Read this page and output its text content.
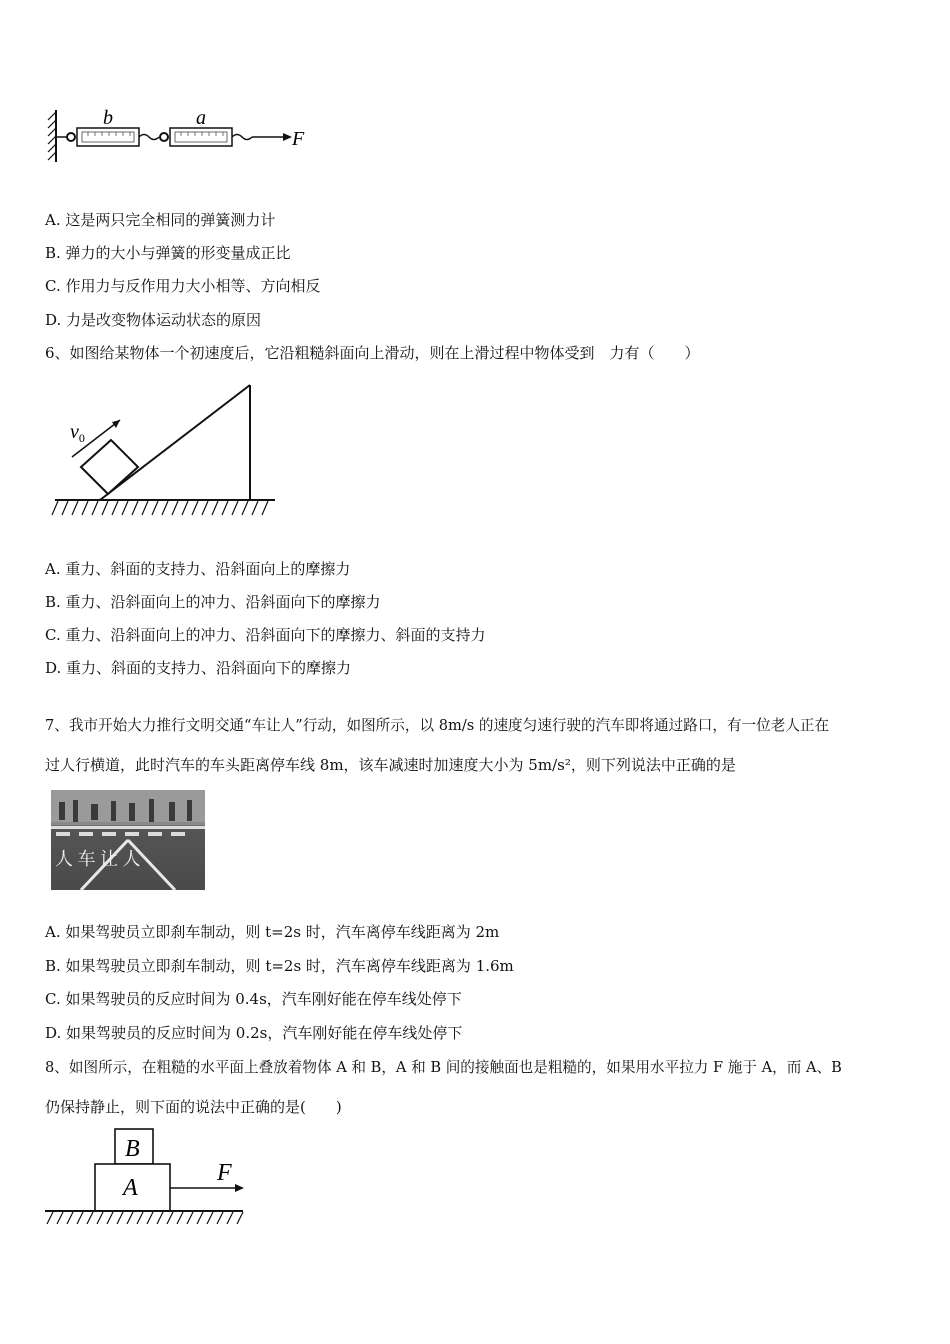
b	a
F
A. 这是两只完全相同的弹簧测力计
B. 弹力的大小与弹簧的形变量成正比
C. 作用力与反作用力大小相等、方向相反
D. 力是改变物体运动状态的原因
6、如图给某物体一个初速度后，它沿粗糙斜面向上滑动，则在上滑过程中物体受到　力有（　　）
$v_0$
A. 重力、斜面的支持力、沿斜面向上的摩擦力
B. 重力、沿斜面向上的冲力、沿斜面向下的摩擦力
C. 重力、沿斜面向上的冲力、沿斜面向下的摩擦力、斜面的支持力
D. 重力、斜面的支持力、沿斜面向下的摩擦力
7、我市开始大力推行文明交通“车让人”行动，如图所示，以 8m/s 的速度匀速行驶的汽车即将通过路口，有一位老人正在
过人行横道，此时汽车的车头距离停车线 8m，该车减速时加速度大小为 5m/s²，则下列说法中正确的是
人 车 让 人
A. 如果驾驶员立即刹车制动，则 t=2s 时，汽车离停车线距离为 2m
B. 如果驾驶员立即刹车制动，则 t=2s 时，汽车离停车线距离为 1.6m
C. 如果驾驶员的反应时间为 0.4s，汽车刚好能在停车线处停下
D. 如果驾驶员的反应时间为 0.2s，汽车刚好能在停车线处停下
8、如图所示，在粗糙的水平面上叠放着物体 A 和 B，A 和 B 间的接触面也是粗糙的，如果用水平拉力 F 施于 A，而 A、B
仍保持静止，则下面的说法中正确的是(　　)
B
A
F
